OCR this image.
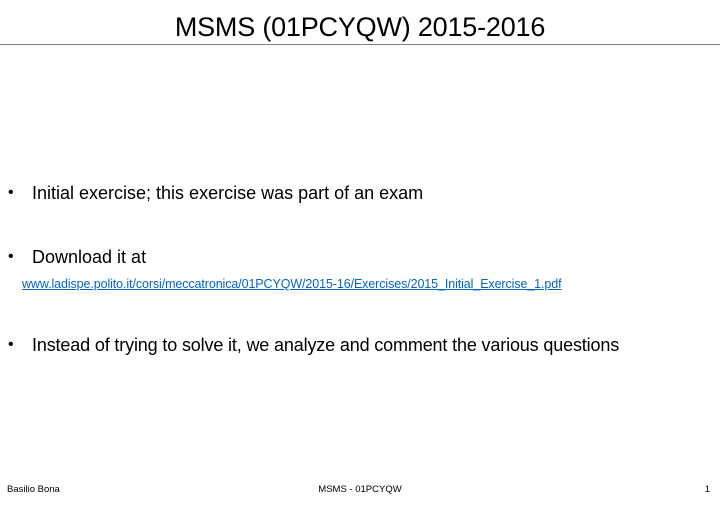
MSMS (01PCYQW) 2015-2016
• Initial exercise; this exercise was part of an exam
• Download it at
www.ladispe.polito.it/corsi/meccatronica/01PCYQW/2015-16/Exercises/2015_Initial_Exercise_1.pdf
• Instead of trying to solve it, we analyze and comment the various questions
Basilio Bona	MSMS - 01PCYQW	1
